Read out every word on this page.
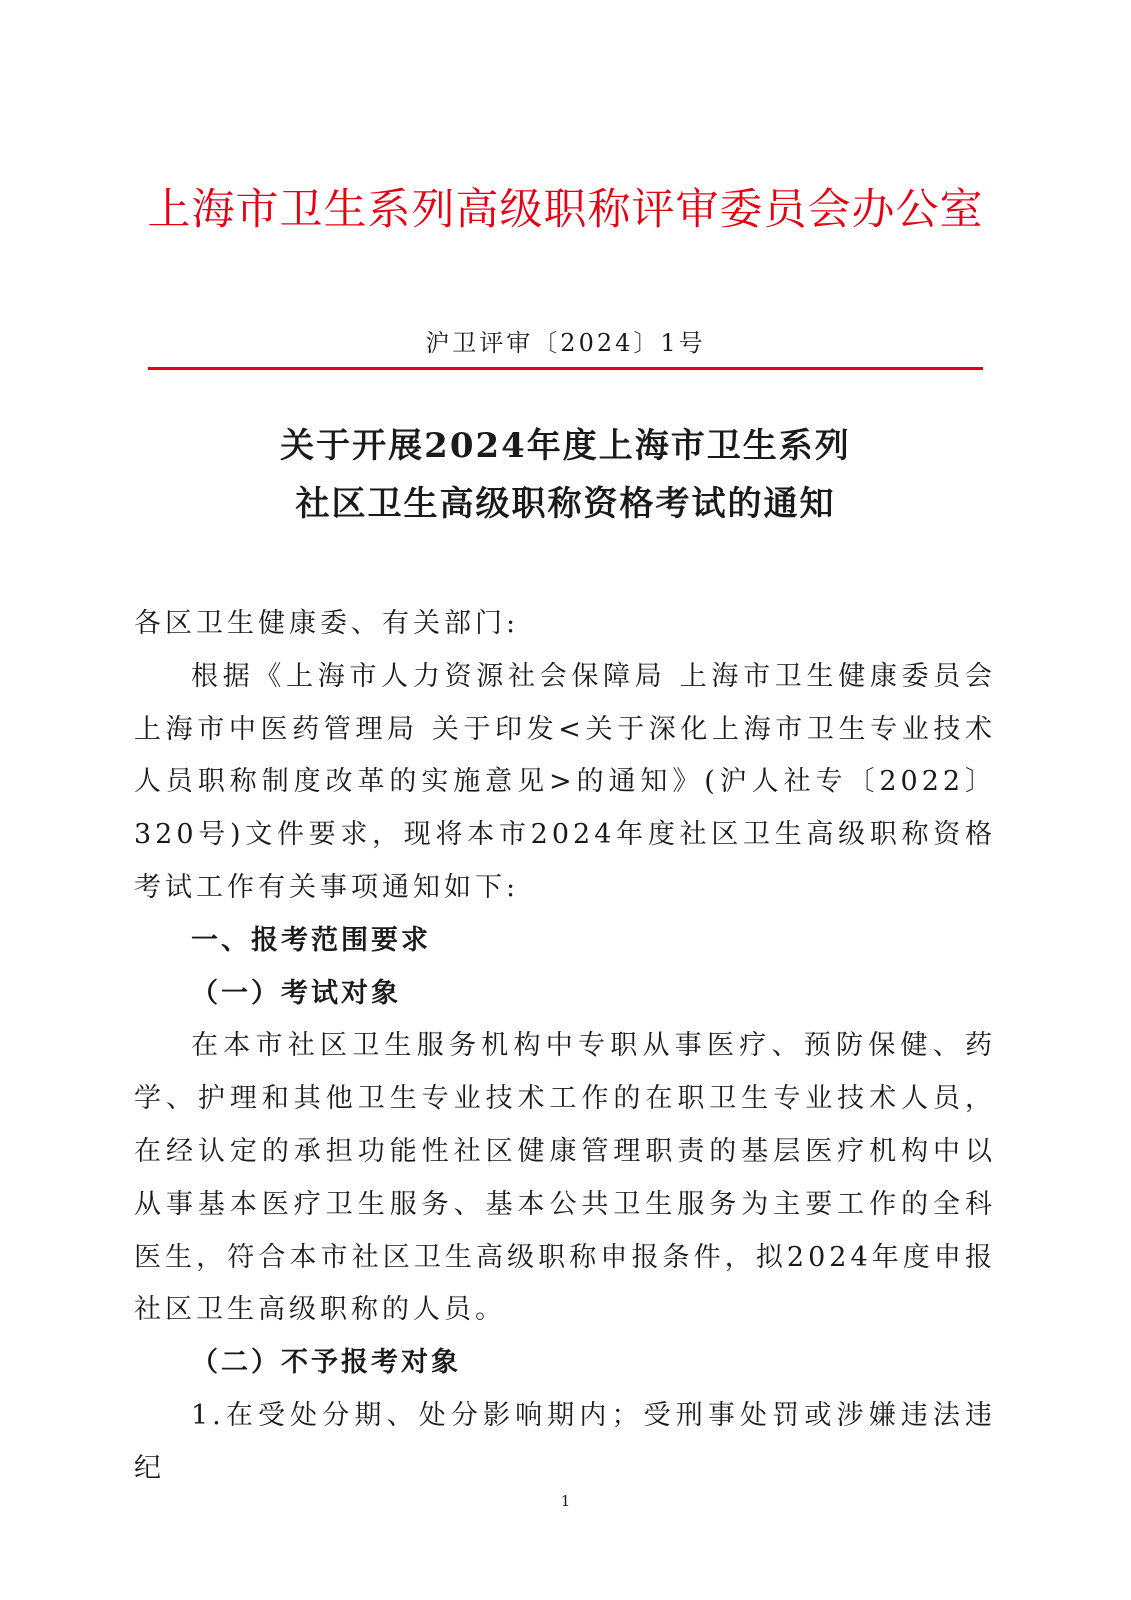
上海市卫生系列高级职称评审委员会办公室
沪卫评审〔2024〕1号
关于开展2024年度上海市卫生系列
社区卫生高级职称资格考试的通知

各区卫生健康委、有关部门:

根据《上海市人力资源社会保障局 上海市卫生健康委员会 上海市中医药管理局 关于印发<关于深化上海市卫生专业技术人员职称制度改革的实施意见>的通知》(沪人社专〔2022〕320号)文件要求，现将本市2024年度社区卫生高级职称资格考试工作有关事项通知如下:

一、报考范围要求

（一）考试对象

在本市社区卫生服务机构中专职从事医疗、预防保健、药学、护理和其他卫生专业技术工作的在职卫生专业技术人员，在经认定的承担功能性社区健康管理职责的基层医疗机构中以从事基本医疗卫生服务、基本公共卫生服务为主要工作的全科医生，符合本市社区卫生高级职称申报条件，拟2024年度申报社区卫生高级职称的人员。

（二）不予报考对象

1.在受处分期、处分影响期内；受刑事处罚或涉嫌违法违纪

1
